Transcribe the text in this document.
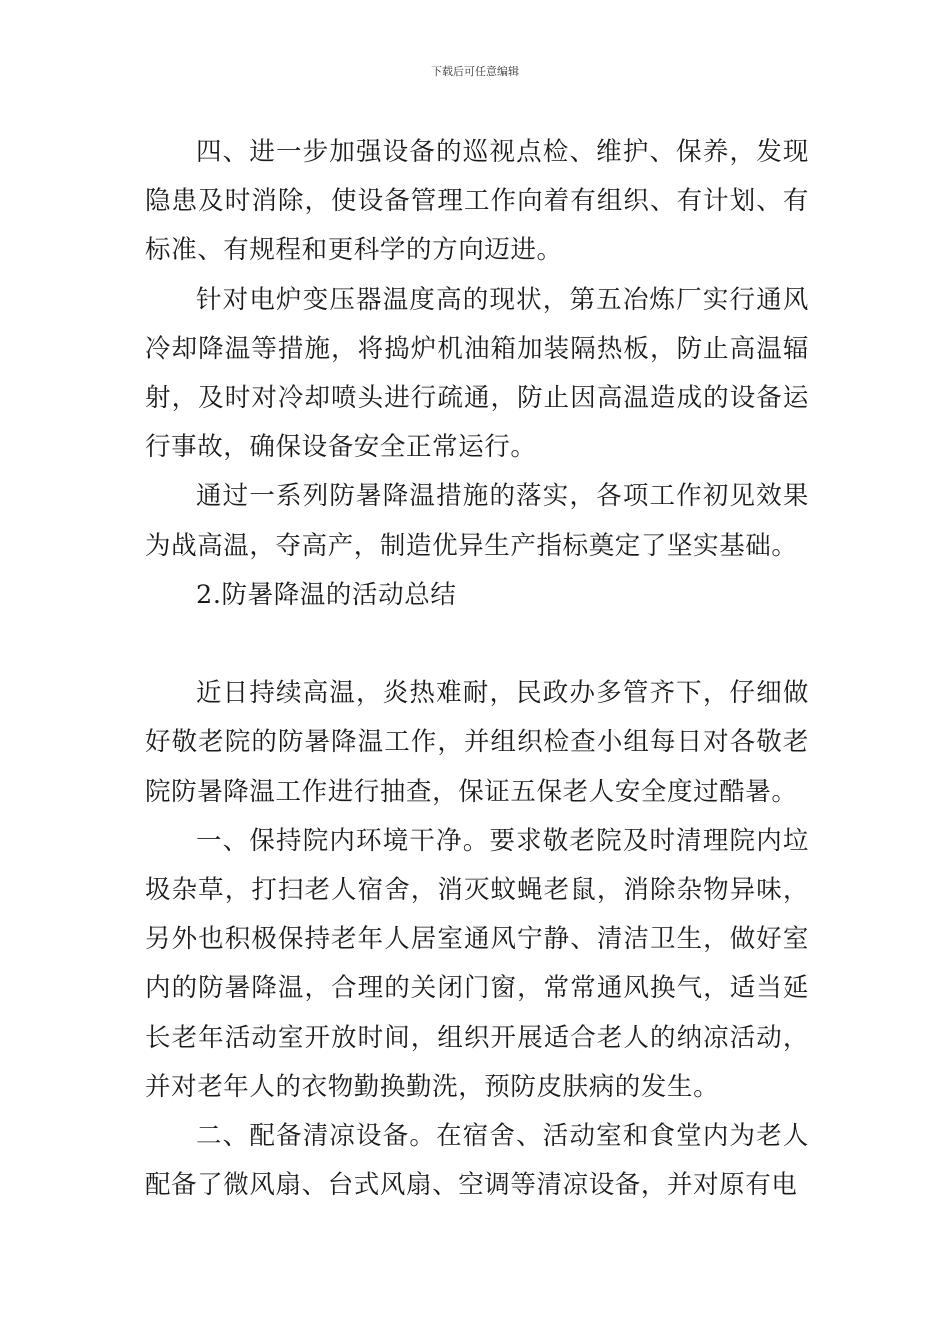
下载后可任意编辑

四、进一步加强设备的巡视点检、维护、保养，发现隐患及时消除，使设备管理工作向着有组织、有计划、有标准、有规程和更科学的方向迈进。

针对电炉变压器温度高的现状，第五冶炼厂实行通风冷却降温等措施，将捣炉机油箱加装隔热板，防止高温辐射，及时对冷却喷头进行疏通，防止因高温造成的设备运行事故，确保设备安全正常运行。

通过一系列防暑降温措施的落实，各项工作初见效果为战高温，夺高产，制造优异生产指标奠定了坚实基础。

2.防暑降温的活动总结

近日持续高温，炎热难耐，民政办多管齐下，仔细做好敬老院的防暑降温工作，并组织检查小组每日对各敬老院防暑降温工作进行抽查，保证五保老人安全度过酷暑。

一、保持院内环境干净。要求敬老院及时清理院内垃圾杂草，打扫老人宿舍，消灭蚊蝇老鼠，消除杂物异味，另外也积极保持老年人居室通风宁静、清洁卫生，做好室内的防暑降温，合理的关闭门窗，常常通风换气，适当延长老年活动室开放时间，组织开展适合老人的纳凉活动，并对老年人的衣物勤换勤洗，预防皮肤病的发生。

二、配备清凉设备。在宿舍、活动室和食堂内为老人配备了微风扇、台式风扇、空调等清凉设备，并对原有电
